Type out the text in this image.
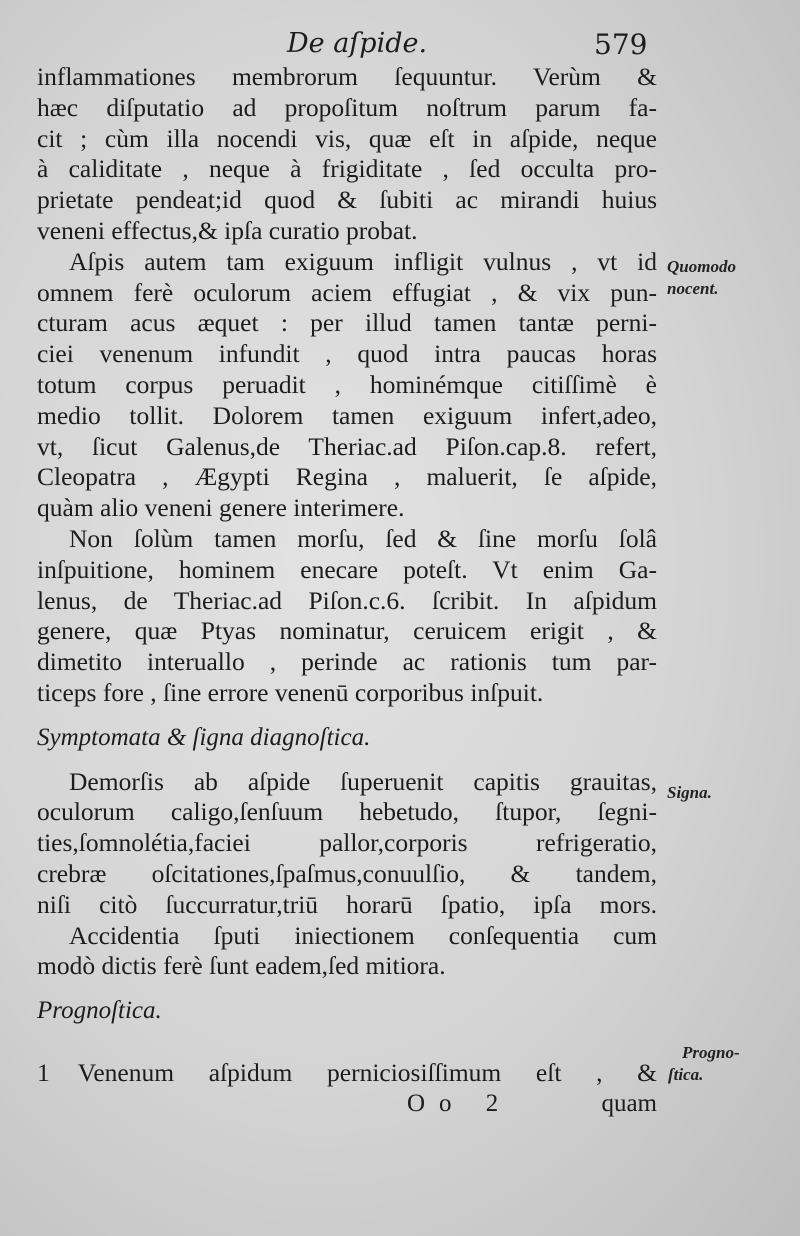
De aſpide.	579

inflammationes membrorum ſequuntur. Verùm &
hæc diſputatio ad propoſitum noſtrum parum fa-
cit ; cùm illa nocendi vis, quæ eſt in aſpide, neque
à caliditate , neque à frigiditate , ſed occulta pro-
prietate pendeat;id quod & ſubiti ac mirandi huius
veneni effectus,& ipſa curatio probat.

Aſpis autem tam exiguum infligit vulnus , vt id
omnem ferè oculorum aciem effugiat , & vix pun-
cturam acus æquet : per illud tamen tantæ perni-
ciei venenum infundit , quod intra paucas horas
totum corpus peruadit , hominémque citiſſimè è
medio tollit. Dolorem tamen exiguum infert,adeo,
vt, ſicut Galenus,de Theriac.ad Piſon.cap.8. refert,
Cleopatra , Ægypti Regina , maluerit, ſe aſpide,
quàm alio veneni genere interimere.

Non ſolùm tamen morſu, ſed & ſine morſu ſolâ
inſpuitione, hominem enecare poteſt. Vt enim Ga-
lenus, de Theriac.ad Piſon.c.6. ſcribit. In aſpidum
genere, quæ Ptyas nominatur, ceruicem erigit , &
dimetito interuallo , perinde ac rationis tum par-
ticeps fore , ſine errore venenū corporibus inſpuit.

Symptomata & ſigna diagnoſtica.

Demorſis ab aſpide ſuperuenit capitis grauitas,
oculorum caligo,ſenſuum hebetudo, ſtupor, ſegni-
ties,ſomnolétia,faciei pallor,corporis refrigeratio,
crebræ oſcitationes,ſpaſmus,conuulſio, & tandem,
niſi citò ſuccurratur,triū horarū ſpatio, ipſa mors.

Accidentia ſputi iniectionem conſequentia cum
modò dictis ferè ſunt eadem,ſed mitiora.

Prognoſtica.

1 Venenum aſpidum perniciosiſſimum eſt , &
Quomodo
nocent.
Signa.
Progno-
ſtica.
Oo 2	quam
